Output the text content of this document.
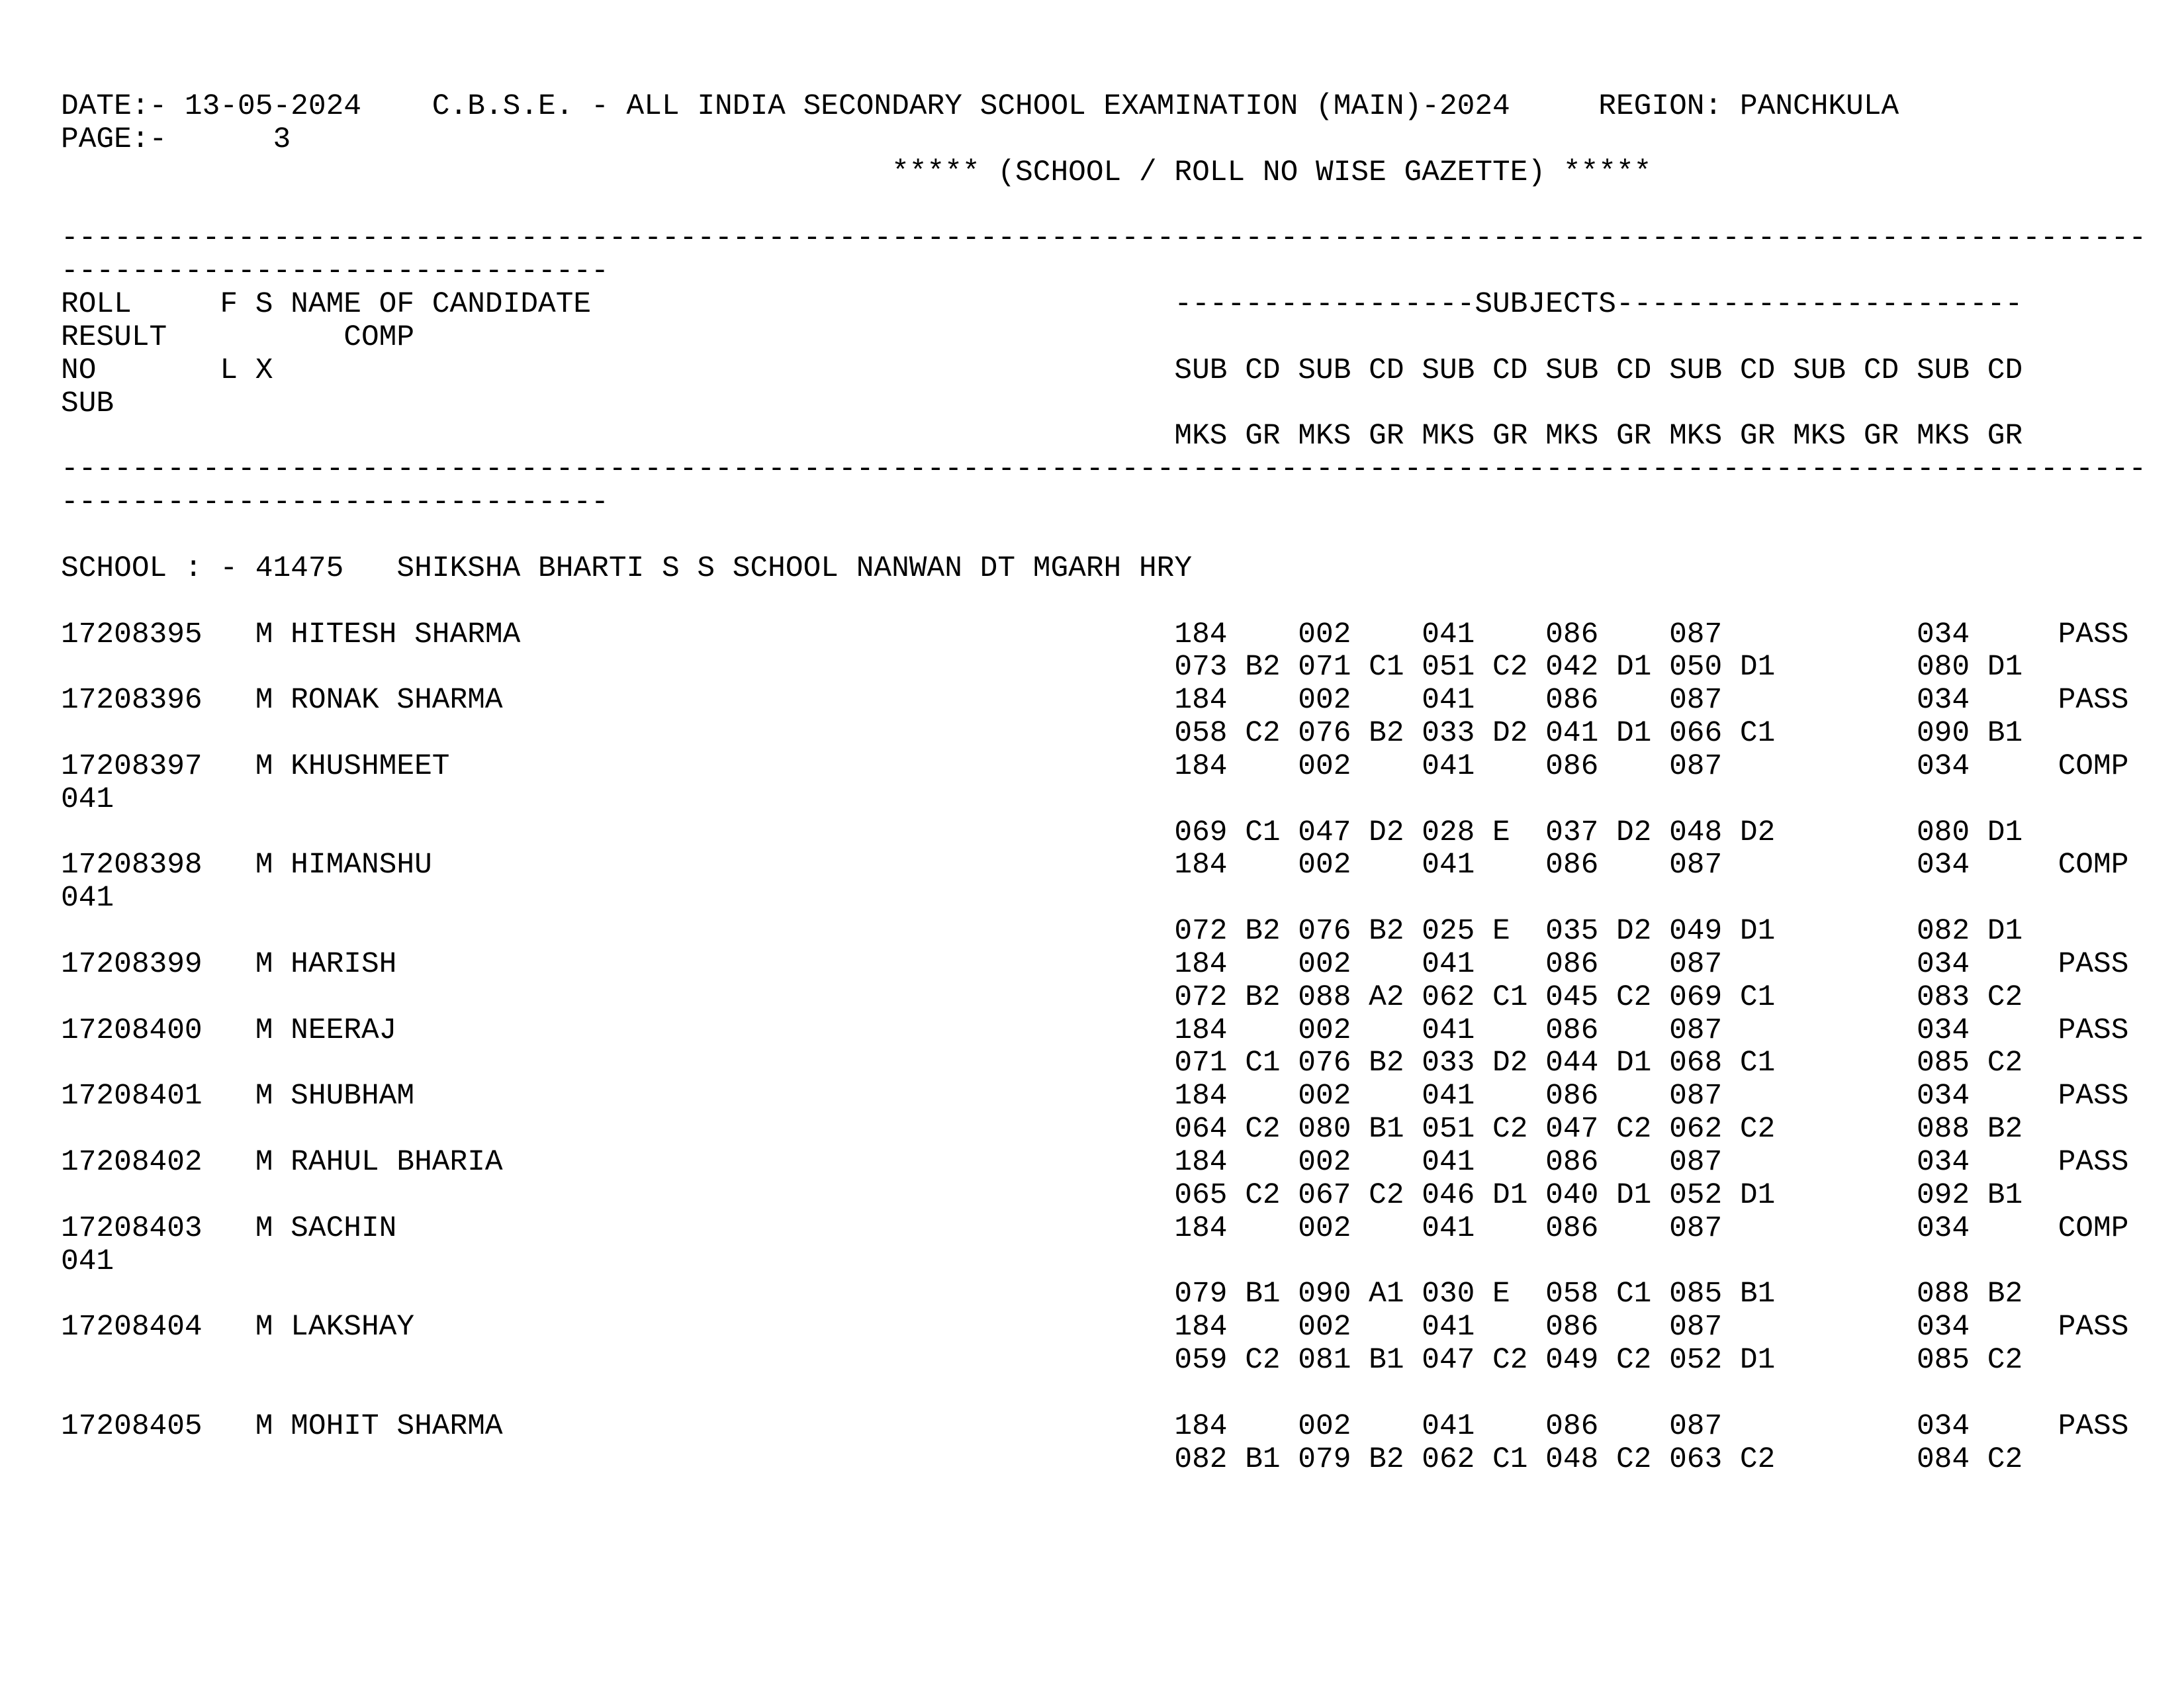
DATE:- 13-05-2024    C.B.S.E. - ALL INDIA SECONDARY SCHOOL EXAMINATION (MAIN)-2024     REGION: PANCHKULA
PAGE:-      3
***** (SCHOOL / ROLL NO WISE GAZETTE) *****
----------------------------------------------------------------------------------------------------------------------
-------------------------------
ROLL     F S NAME OF CANDIDATE                                 -----------------SUBJECTS-----------------------
RESULT          COMP
NO       L X                                                   SUB CD SUB CD SUB CD SUB CD SUB CD SUB CD SUB CD
SUB
MKS GR MKS GR MKS GR MKS GR MKS GR MKS GR MKS GR
----------------------------------------------------------------------------------------------------------------------
-------------------------------
SCHOOL : - 41475   SHIKSHA BHARTI S S SCHOOL NANWAN DT MGARH HRY
17208395   M HITESH SHARMA                                     184    002    041    086    087           034     PASS
073 B2 071 C1 051 C2 042 D1 050 D1        080 D1
17208396   M RONAK SHARMA                                      184    002    041    086    087           034     PASS
058 C2 076 B2 033 D2 041 D1 066 C1        090 B1
17208397   M KHUSHMEET                                         184    002    041    086    087           034     COMP
041
069 C1 047 D2 028 E  037 D2 048 D2        080 D1
17208398   M HIMANSHU                                          184    002    041    086    087           034     COMP
041
072 B2 076 B2 025 E  035 D2 049 D1        082 D1
17208399   M HARISH                                            184    002    041    086    087           034     PASS
072 B2 088 A2 062 C1 045 C2 069 C1        083 C2
17208400   M NEERAJ                                            184    002    041    086    087           034     PASS
071 C1 076 B2 033 D2 044 D1 068 C1        085 C2
17208401   M SHUBHAM                                           184    002    041    086    087           034     PASS
064 C2 080 B1 051 C2 047 C2 062 C2        088 B2
17208402   M RAHUL BHARIA                                      184    002    041    086    087           034     PASS
065 C2 067 C2 046 D1 040 D1 052 D1        092 B1
17208403   M SACHIN                                            184    002    041    086    087           034     COMP
041
079 B1 090 A1 030 E  058 C1 085 B1        088 B2
17208404   M LAKSHAY                                           184    002    041    086    087           034     PASS
059 C2 081 B1 047 C2 049 C2 052 D1        085 C2
17208405   M MOHIT SHARMA                                      184    002    041    086    087           034     PASS
082 B1 079 B2 062 C1 048 C2 063 C2        084 C2
